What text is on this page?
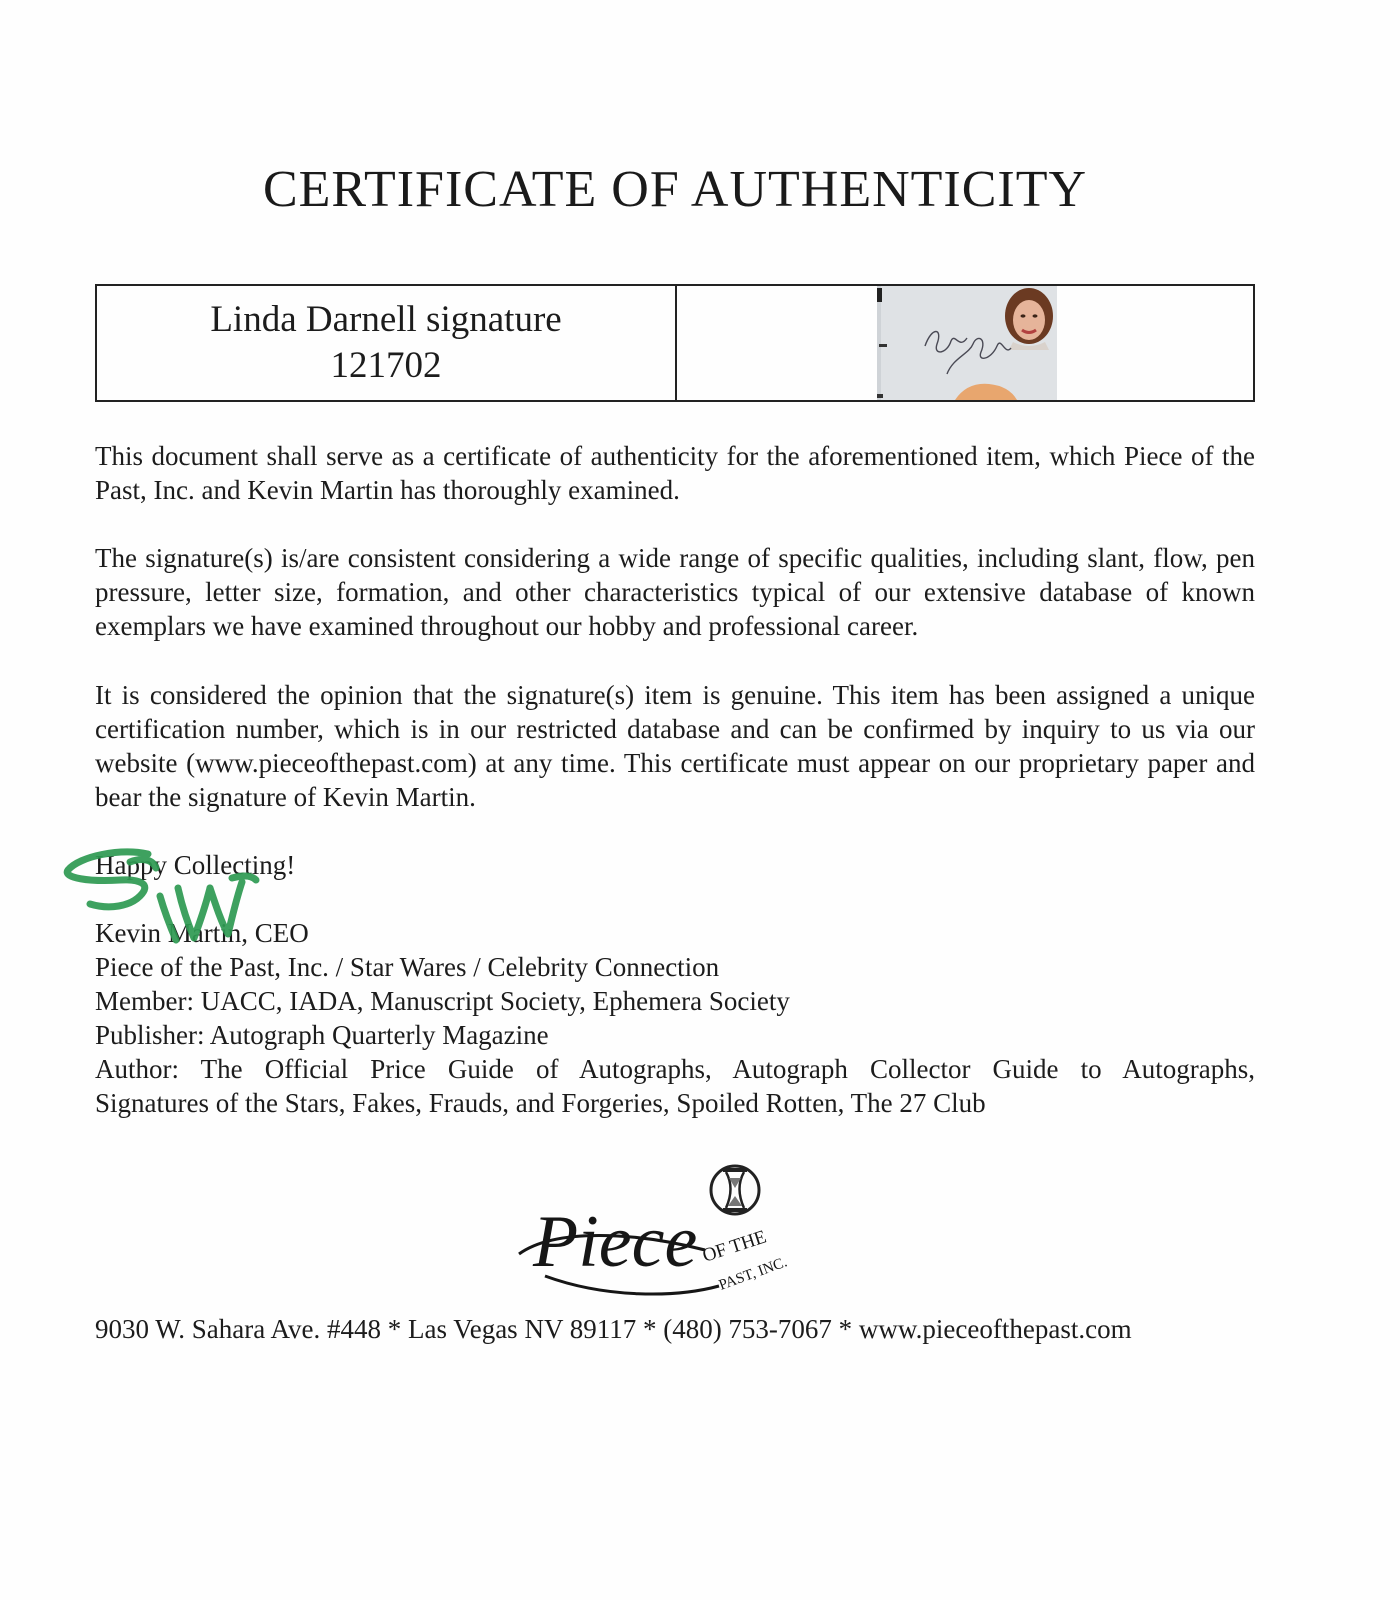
CERTIFICATE OF AUTHENTICITY
Linda Darnell signature
121702

This document shall serve as a certificate of authenticity for the aforementioned item, which Piece of the Past, Inc. and Kevin Martin has thoroughly examined.

The signature(s) is/are consistent considering a wide range of specific qualities, including slant, flow, pen pressure, letter size, formation, and other characteristics typical of our extensive database of known exemplars we have examined throughout our hobby and professional career.

It is considered the opinion that the signature(s) item is genuine. This item has been assigned a unique certification number, which is in our restricted database and can be confirmed by inquiry to us via our website (www.pieceofthepast.com) at any time. This certificate must appear on our proprietary paper and bear the signature of Kevin Martin.

Happy Collecting!
Kevin Martin, CEO
Piece of the Past, Inc. / Star Wares / Celebrity Connection
Member: UACC, IADA, Manuscript Society, Ephemera Society
Publisher: Autograph Quarterly Magazine
Author: The Official Price Guide of Autographs, Autograph Collector Guide to Autographs,
Signatures of the Stars, Fakes, Frauds, and Forgeries, Spoiled Rotten, The 27 Club
Piece OF THE
PAST, INC.
9030 W. Sahara Ave. #448 * Las Vegas NV 89117 * (480) 753-7067 * www.pieceofthepast.com
